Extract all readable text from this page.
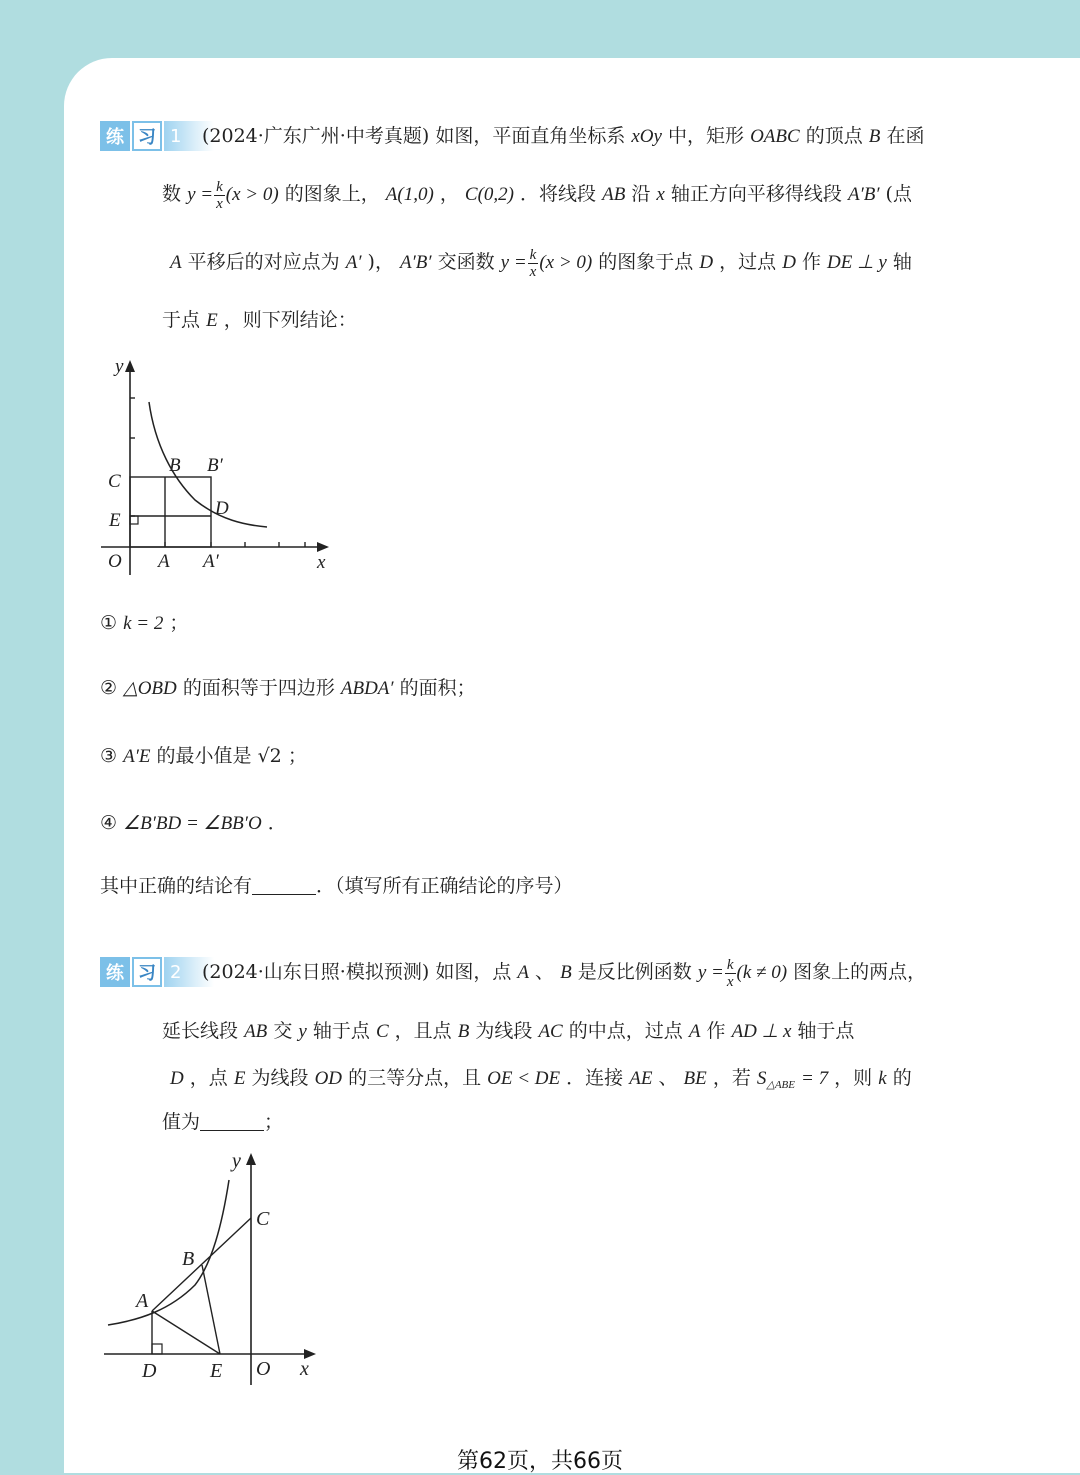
练 习 1	(2024·广东广州·中考真题) 如图，平面直角坐标系 xOy 中，矩形 OABC 的顶点 B 在函
数 $y = \frac{k}{x} (x > 0)$ 的图象上， A(1,0) ， C(0,2) ．将线段 AB 沿 x 轴正方向平移得线段 A′B′ (点
A 平移后的对应点为 A′ )， A′B′ 交函数 $y = \frac{k}{x} (x > 0)$ 的图象于点 D ，过点 D 作 DE ⊥ y 轴
于点 E ，则下列结论：
y
x
O A A′
B B′
C
D
E
① k = 2 ；
② △OBD 的面积等于四边形 ABDA′ 的面积；
③ A′E 的最小值是 √2 ；
④ ∠B′BD = ∠BB′O ．
其中正确的结论有	．（填写所有正确结论的序号）
练 习 2	(2024·山东日照·模拟预测) 如图，点 A 、 B 是反比例函数 $y = \frac{k}{x} (k \ne 0)$ 图象上的两点，
延长线段 AB 交 y 轴于点 C ，且点 B 为线段 AC 的中点，过点 A 作 AD ⊥ x 轴于点
D ，点 E 为线段 OD 的三等分点，且 OE < DE ．连接 AE 、 BE ，若 $S_{\triangle ABE} = 7$ ，则 k 的
值为	；
y
x
O
A
B
C
D	E
第62页，共66页
